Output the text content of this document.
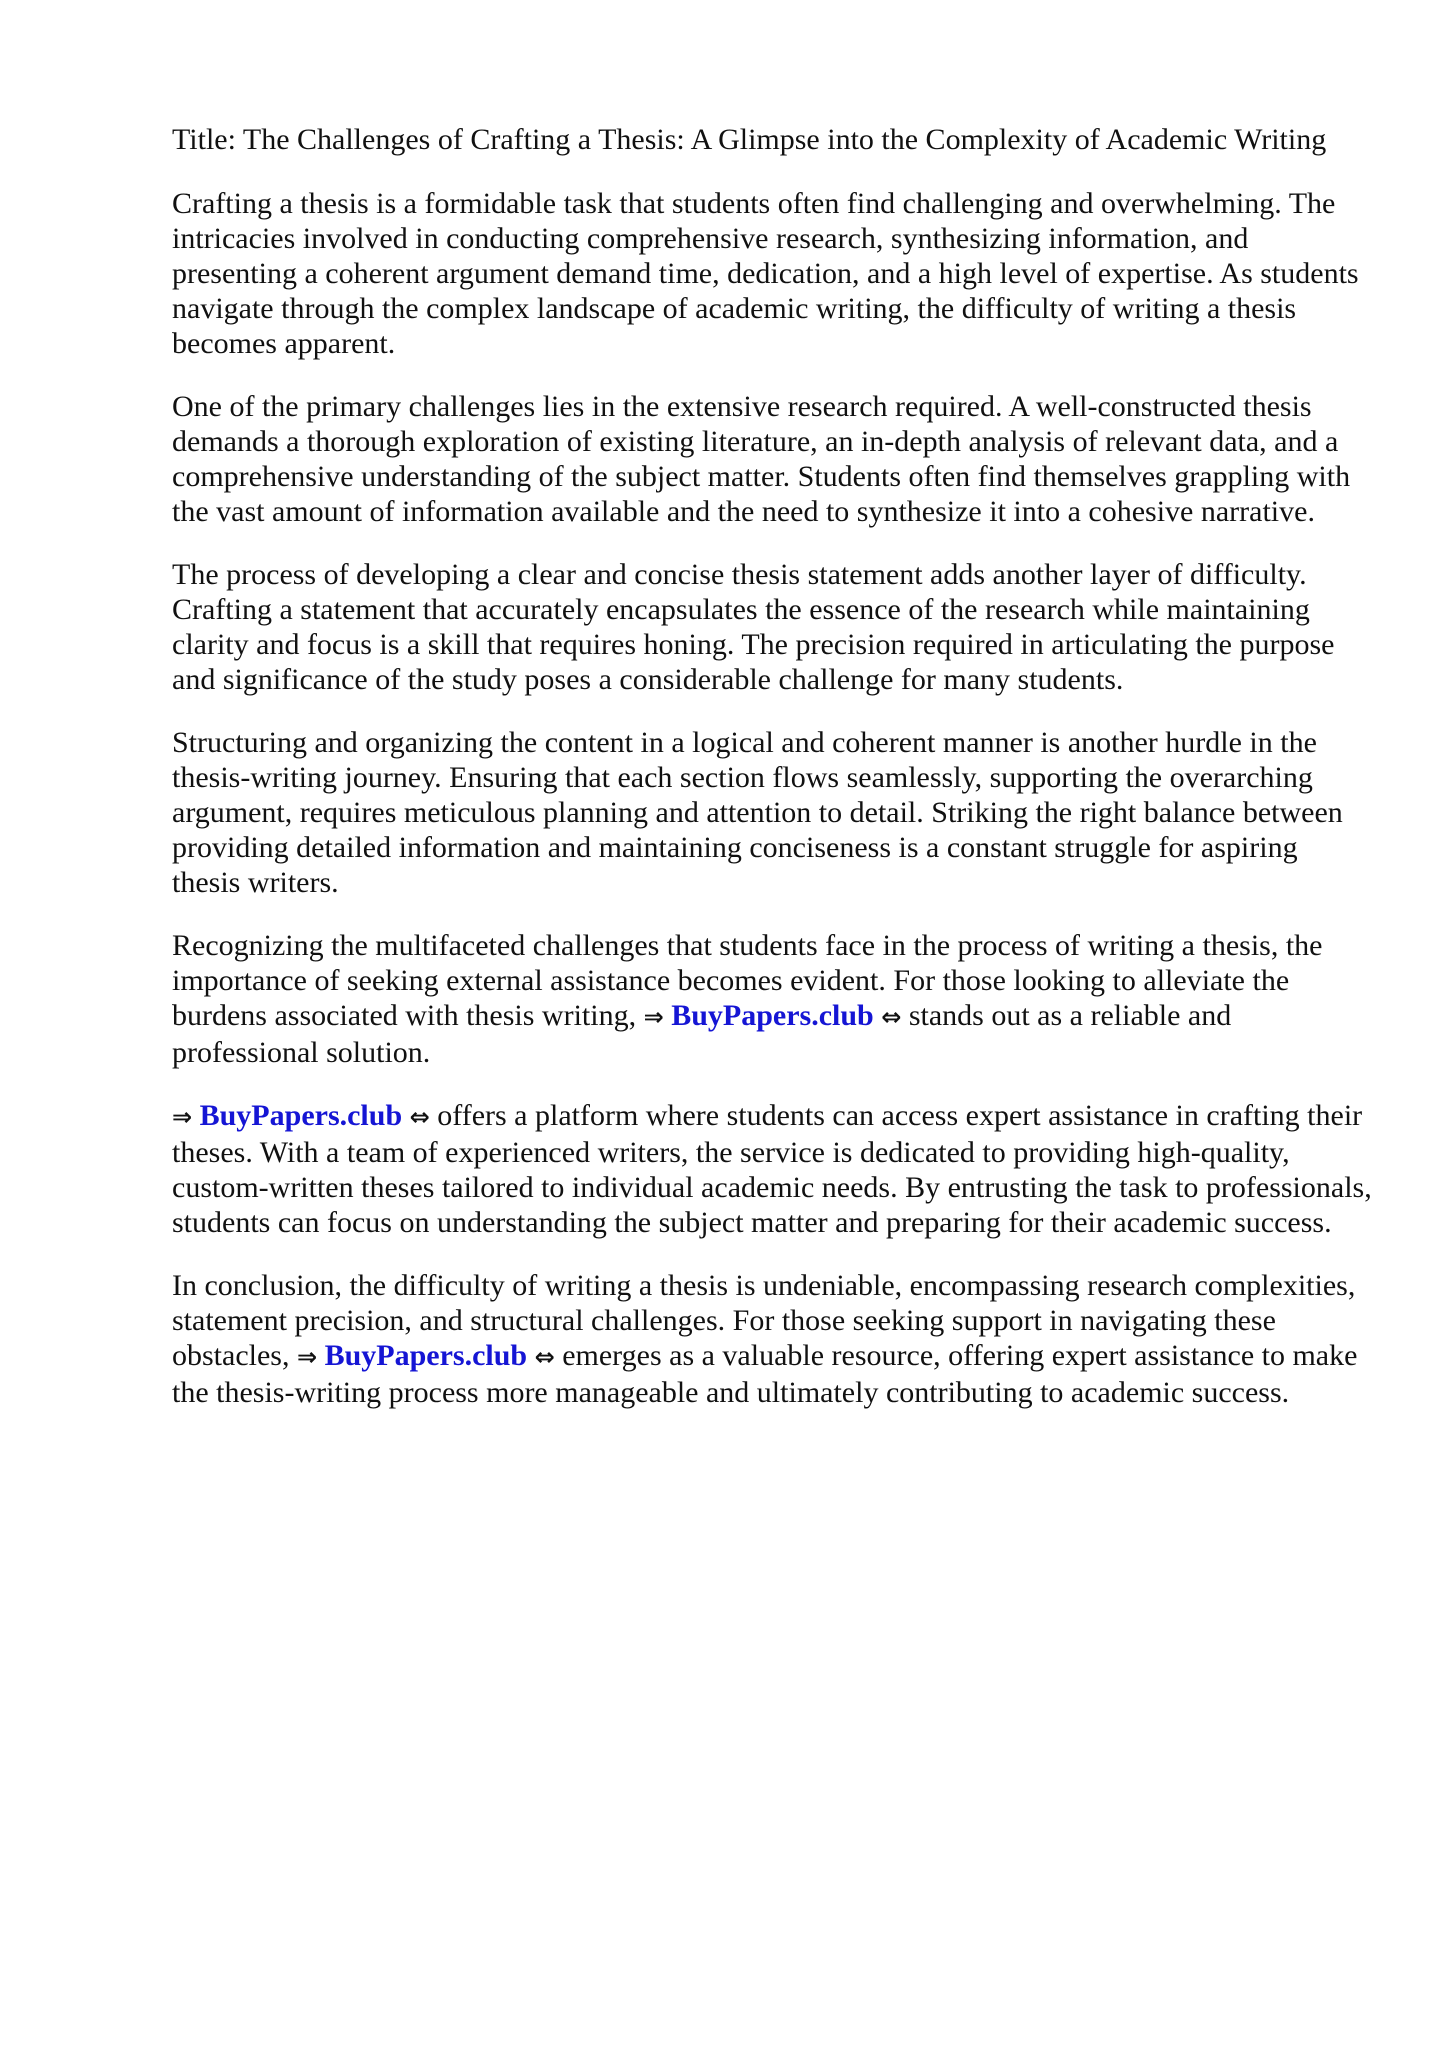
Title: The Challenges of Crafting a Thesis: A Glimpse into the Complexity of Academic Writing

Crafting a thesis is a formidable task that students often find challenging and overwhelming. The intricacies involved in conducting comprehensive research, synthesizing information, and presenting a coherent argument demand time, dedication, and a high level of expertise. As students navigate through the complex landscape of academic writing, the difficulty of writing a thesis becomes apparent.

One of the primary challenges lies in the extensive research required. A well-constructed thesis demands a thorough exploration of existing literature, an in-depth analysis of relevant data, and a comprehensive understanding of the subject matter. Students often find themselves grappling with the vast amount of information available and the need to synthesize it into a cohesive narrative.

The process of developing a clear and concise thesis statement adds another layer of difficulty. Crafting a statement that accurately encapsulates the essence of the research while maintaining clarity and focus is a skill that requires honing. The precision required in articulating the purpose and significance of the study poses a considerable challenge for many students.

Structuring and organizing the content in a logical and coherent manner is another hurdle in the thesis-writing journey. Ensuring that each section flows seamlessly, supporting the overarching argument, requires meticulous planning and attention to detail. Striking the right balance between providing detailed information and maintaining conciseness is a constant struggle for aspiring thesis writers.

Recognizing the multifaceted challenges that students face in the process of writing a thesis, the importance of seeking external assistance becomes evident. For those looking to alleviate the burdens associated with thesis writing, ⇒ BuyPapers.club ⇔ stands out as a reliable and professional solution.

⇒ BuyPapers.club ⇔ offers a platform where students can access expert assistance in crafting their theses. With a team of experienced writers, the service is dedicated to providing high-quality, custom-written theses tailored to individual academic needs. By entrusting the task to professionals, students can focus on understanding the subject matter and preparing for their academic success.

In conclusion, the difficulty of writing a thesis is undeniable, encompassing research complexities, statement precision, and structural challenges. For those seeking support in navigating these obstacles, ⇒ BuyPapers.club ⇔ emerges as a valuable resource, offering expert assistance to make the thesis-writing process more manageable and ultimately contributing to academic success.
